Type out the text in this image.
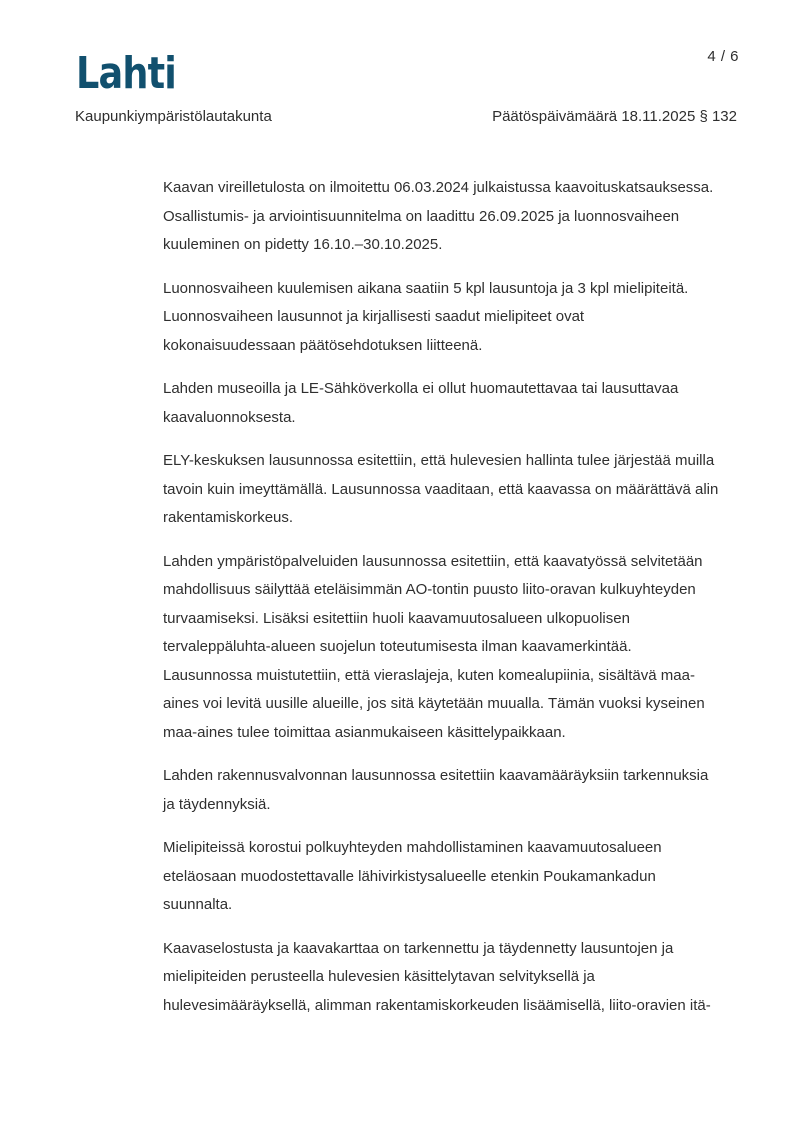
Lahti	4 / 6
Kaupunkiympäristölautakunta	Päätöspäivämäärä 18.11.2025 § 132

Kaavan vireilletulosta on ilmoitettu 06.03.2024 julkaistussa kaavoituskatsauksessa. Osallistumis- ja arviointisuunnitelma on laadittu 26.09.2025 ja luonnosvaiheen kuuleminen on pidetty 16.10.–30.10.2025.

Luonnosvaiheen kuulemisen aikana saatiin 5 kpl lausuntoja ja 3 kpl mielipiteitä. Luonnosvaiheen lausunnot ja kirjallisesti saadut mielipiteet ovat kokonaisuudessaan päätösehdotuksen liitteenä.

Lahden museoilla ja LE-Sähköverkolla ei ollut huomautettavaa tai lausuttavaa kaavaluonnoksesta.

ELY-keskuksen lausunnossa esitettiin, että hulevesien hallinta tulee järjestää muilla tavoin kuin imeyttämällä. Lausunnossa vaaditaan, että kaavassa on määrättävä alin rakentamiskorkeus.

Lahden ympäristöpalveluiden lausunnossa esitettiin, että kaavatyössä selvitetään mahdollisuus säilyttää eteläisimmän AO-tontin puusto liito-oravan kulkuyhteyden turvaamiseksi. Lisäksi esitettiin huoli kaavamuutosalueen ulkopuolisen tervaleppäluhta-alueen suojelun toteutumisesta ilman kaavamerkintää. Lausunnossa muistutettiin, että vieraslajeja, kuten komealupiinia, sisältävä maa-aines voi levitä uusille alueille, jos sitä käytetään muualla. Tämän vuoksi kyseinen maa-aines tulee toimittaa asianmukaiseen käsittelypaikkaan.

Lahden rakennusvalvonnan lausunnossa esitettiin kaavamääräyksiin tarkennuksia ja täydennyksiä.

Mielipiteissä korostui polkuyhteyden mahdollistaminen kaavamuutosalueen eteläosaan muodostettavalle lähivirkistysalueelle etenkin Poukamankadun suunnalta.

Kaavaselostusta ja kaavakarttaa on tarkennettu ja täydennetty lausuntojen ja mielipiteiden perusteella hulevesien käsittelytavan selvityksellä ja hulevesimääräyksellä, alimman rakentamiskorkeuden lisäämisellä, liito-oravien itä-
